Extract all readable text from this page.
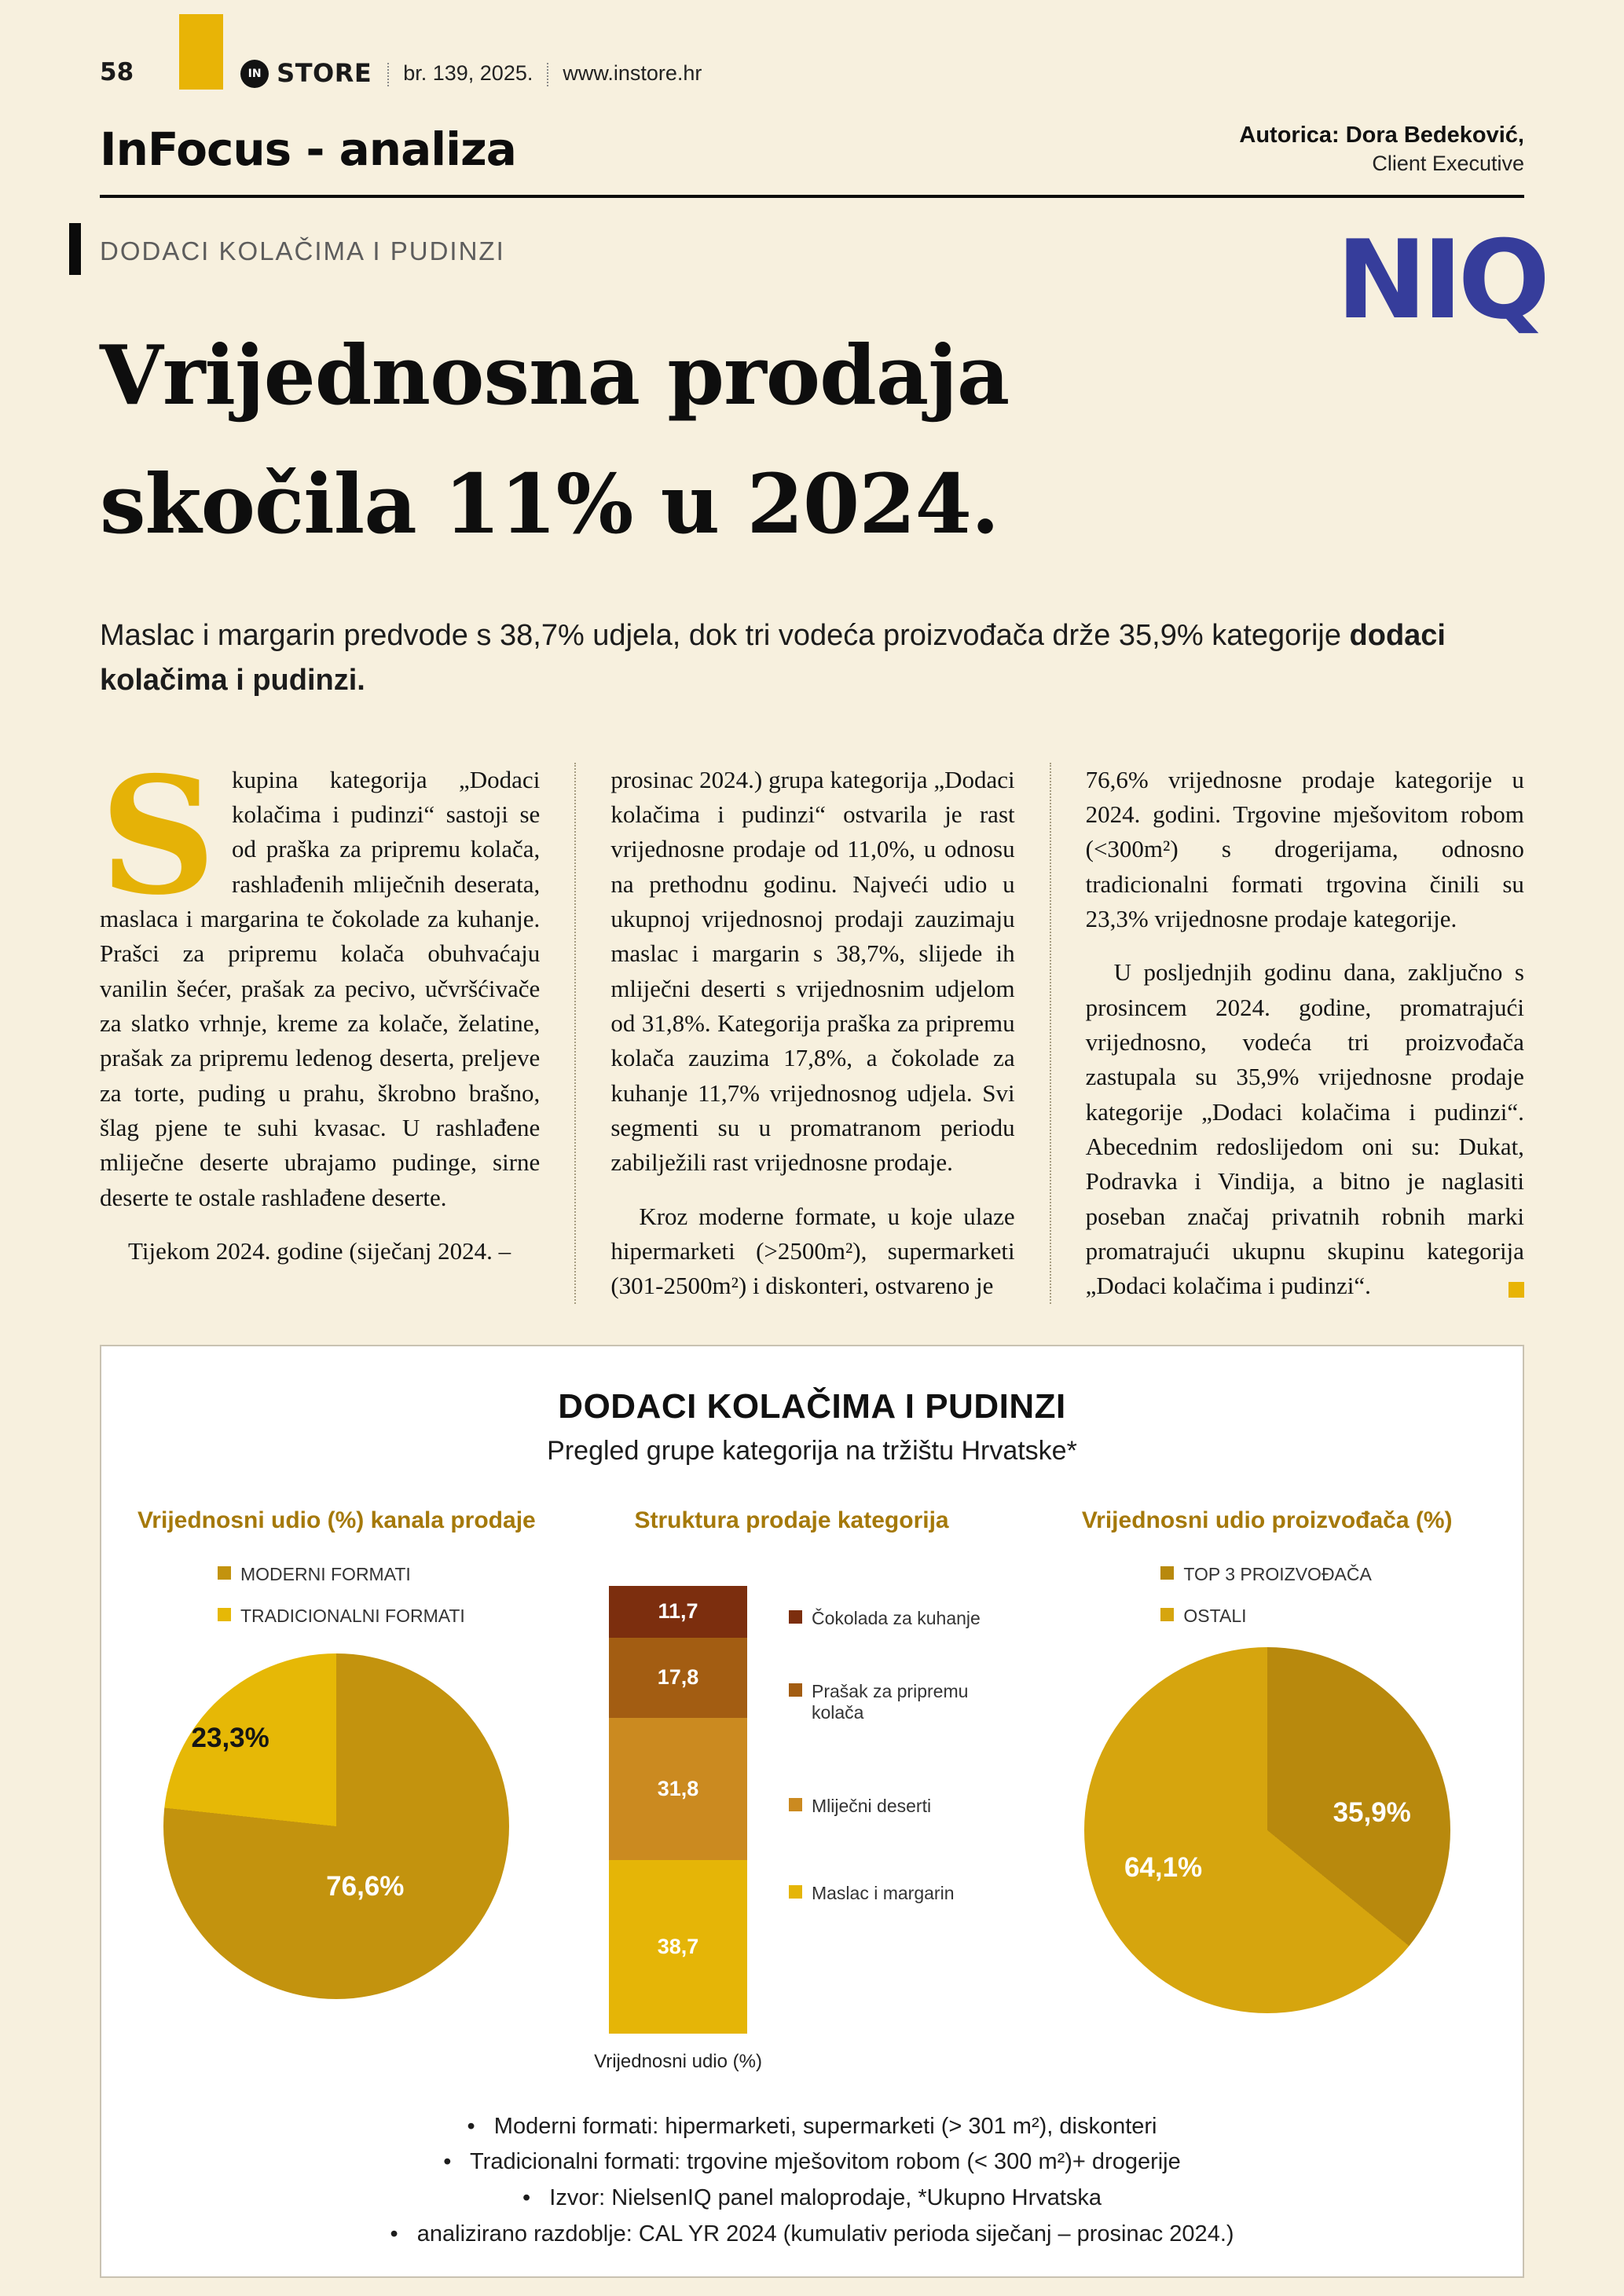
58	IN STORE br. 139, 2025. www.instore.hr
InFocus - analiza	Autorica: Dora Bedeković,
Client Executive
DODACI KOLAČIMA I PUDINZI	NIQ
Vrijednosna prodaja
skočila 11% u 2024.

Maslac i margarin predvode s 38,7% udjela, dok tri vodeća proizvođača drže 35,9% kategorije dodaci kolačima i pudinzi.

S kupina kategorija „Dodaci kolačima i pudinzi“ sastoji se od praška za pripremu kolača, rashlađenih mliječnih deserata, maslaca i margarina te čokolade za kuhanje. Prašci za pripremu kolača obuhvaćaju vanilin šećer, prašak za pecivo, učvršćivače za slatko vrhnje, kreme za kolače, želatine, prašak za pripremu ledenog deserta, preljeve za torte, puding u prahu, škrobno brašno, šlag pjene te suhi kvasac. U rashlađene mliječne deserte ubrajamo pudinge, sirne deserte te ostale rashlađene deserte.

Tijekom 2024. godine (siječanj 2024. –

prosinac 2024.) grupa kategorija „Dodaci kolačima i pudinzi“ ostvarila je rast vrijednosne prodaje od 11,0%, u odnosu na prethodnu godinu. Najveći udio u ukupnoj vrijednosnoj prodaji zauzimaju maslac i margarin s 38,7%, slijede ih mliječni deserti s vrijednosnim udjelom od 31,8%. Kategorija praška za pripremu kolača zauzima 17,8%, a čokolade za kuhanje 11,7% vrijednosnog udjela. Svi segmenti su u promatranom periodu zabilježili rast vrijednosne prodaje.

Kroz moderne formate, u koje ulaze hipermarketi (>2500m²), supermarketi (301-2500m²) i diskonteri, ostvareno je

76,6% vrijednosne prodaje kategorije u 2024. godini. Trgovine mješovitom robom (<300m²) s drogerijama, odnosno tradicionalni formati trgovina činili su 23,3% vrijednosne prodaje kategorije.

U posljednjih godinu dana, zaključno s prosincem 2024. godine, promatrajući vrijednosno, vodeća tri proizvođača zastupala su 35,9% vrijednosne prodaje kategorije „Dodaci kolačima i pudinzi“. Abecednim redoslijedom oni su: Dukat, Podravka i Vindija, a bitno je naglasiti poseban značaj privatnih robnih marki promatrajući ukupnu skupinu kategorija „Dodaci kolačima i pudinzi“.

DODACI KOLAČIMA I PUDINZI
Pregled grupe kategorija na tržištu Hrvatske*
Vrijednosni udio (%) kanala prodaje
MODERNI FORMATI
TRADICIONALNI FORMATI
23,3%
76,6%
Struktura prodaje kategorija
11,7
17,8
31,8
38,7
Vrijednosni udio (%)
Čokolada za kuhanje
Prašak za pripremu kolača
Mliječni deserti
Maslac i margarin
Vrijednosni udio proizvođača (%)
TOP 3 PROIZVOĐAČA
OSTALI
35,9%
64,1%
• Moderni formati: hipermarketi, supermarketi (> 301 m²), diskonteri
• Tradicionalni formati: trgovine mješovitom robom (< 300 m²)+ drogerije
• Izvor: NielsenIQ panel maloprodaje, *Ukupno Hrvatska
• analizirano razdoblje: CAL YR 2024 (kumulativ perioda siječanj – prosinac 2024.)
